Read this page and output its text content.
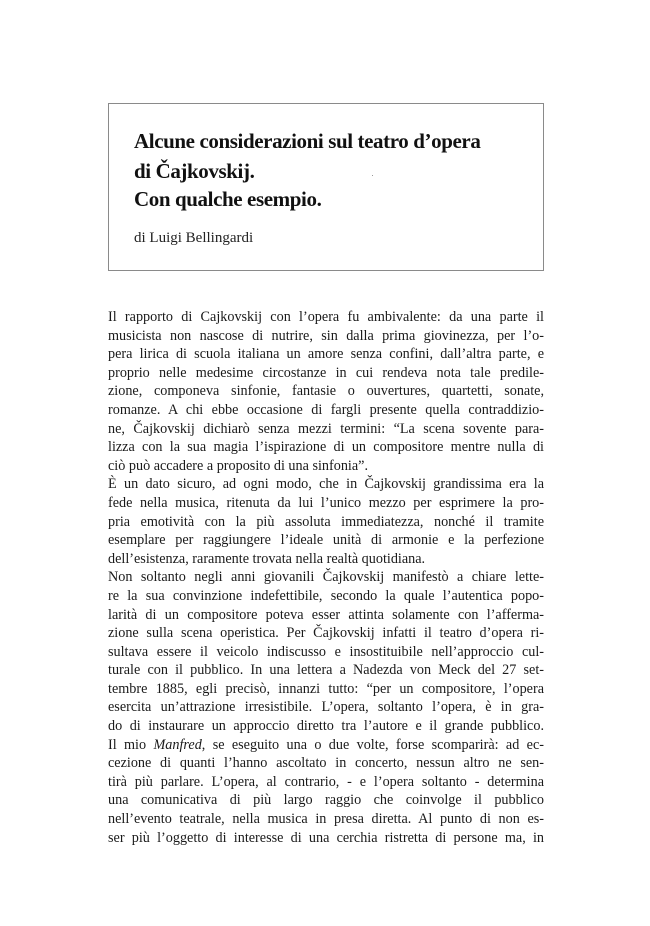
Alcune considerazioni sul teatro d’opera
di Čajkovskij.
Con qualche esempio.
di Luigi Bellingardi
Il rapporto di Cajkovskij con l’opera fu ambivalente: da una parte il
musicista non nascose di nutrire, sin dalla prima giovinezza, per l’o-
pera lirica di scuola italiana un amore senza confini, dall’altra parte, e
proprio nelle medesime circostanze in cui rendeva nota tale predile-
zione, componeva sinfonie, fantasie o ouvertures, quartetti, sonate,
romanze. A chi ebbe occasione di fargli presente quella contraddizio-
ne, Čajkovskij dichiarò senza mezzi termini: “La scena sovente para-
lizza con la sua magia l’ispirazione di un compositore mentre nulla di
ciò può accadere a proposito di una sinfonia”.
È un dato sicuro, ad ogni modo, che in Čajkovskij grandissima era la
fede nella musica, ritenuta da lui l’unico mezzo per esprimere la pro-
pria emotività con la più assoluta immediatezza, nonché il tramite
esemplare per raggiungere l’ideale unità di armonie e la perfezione
dell’esistenza, raramente trovata nella realtà quotidiana.
Non soltanto negli anni giovanili Čajkovskij manifestò a chiare lette-
re la sua convinzione indefettibile, secondo la quale l’autentica popo-
larità di un compositore poteva esser attinta solamente con l’afferma-
zione sulla scena operistica. Per Čajkovskij infatti il teatro d’opera ri-
sultava essere il veicolo indiscusso e insostituibile nell’approccio cul-
turale con il pubblico. In una lettera a Nadezda von Meck del 27 set-
tembre 1885, egli precisò, innanzi tutto: “per un compositore, l’opera
esercita un’attrazione irresistibile. L’opera, soltanto l’opera, è in gra-
do di instaurare un approccio diretto tra l’autore e il grande pubblico.
Il mio Manfred, se eseguito una o due volte, forse scomparirà: ad ec-
cezione di quanti l’hanno ascoltato in concerto, nessun altro ne sen-
tirà più parlare. L’opera, al contrario, - e l’opera soltanto - determina
una comunicativa di più largo raggio che coinvolge il pubblico
nell’evento teatrale, nella musica in presa diretta. Al punto di non es-
ser più l’oggetto di interesse di una cerchia ristretta di persone ma, in
